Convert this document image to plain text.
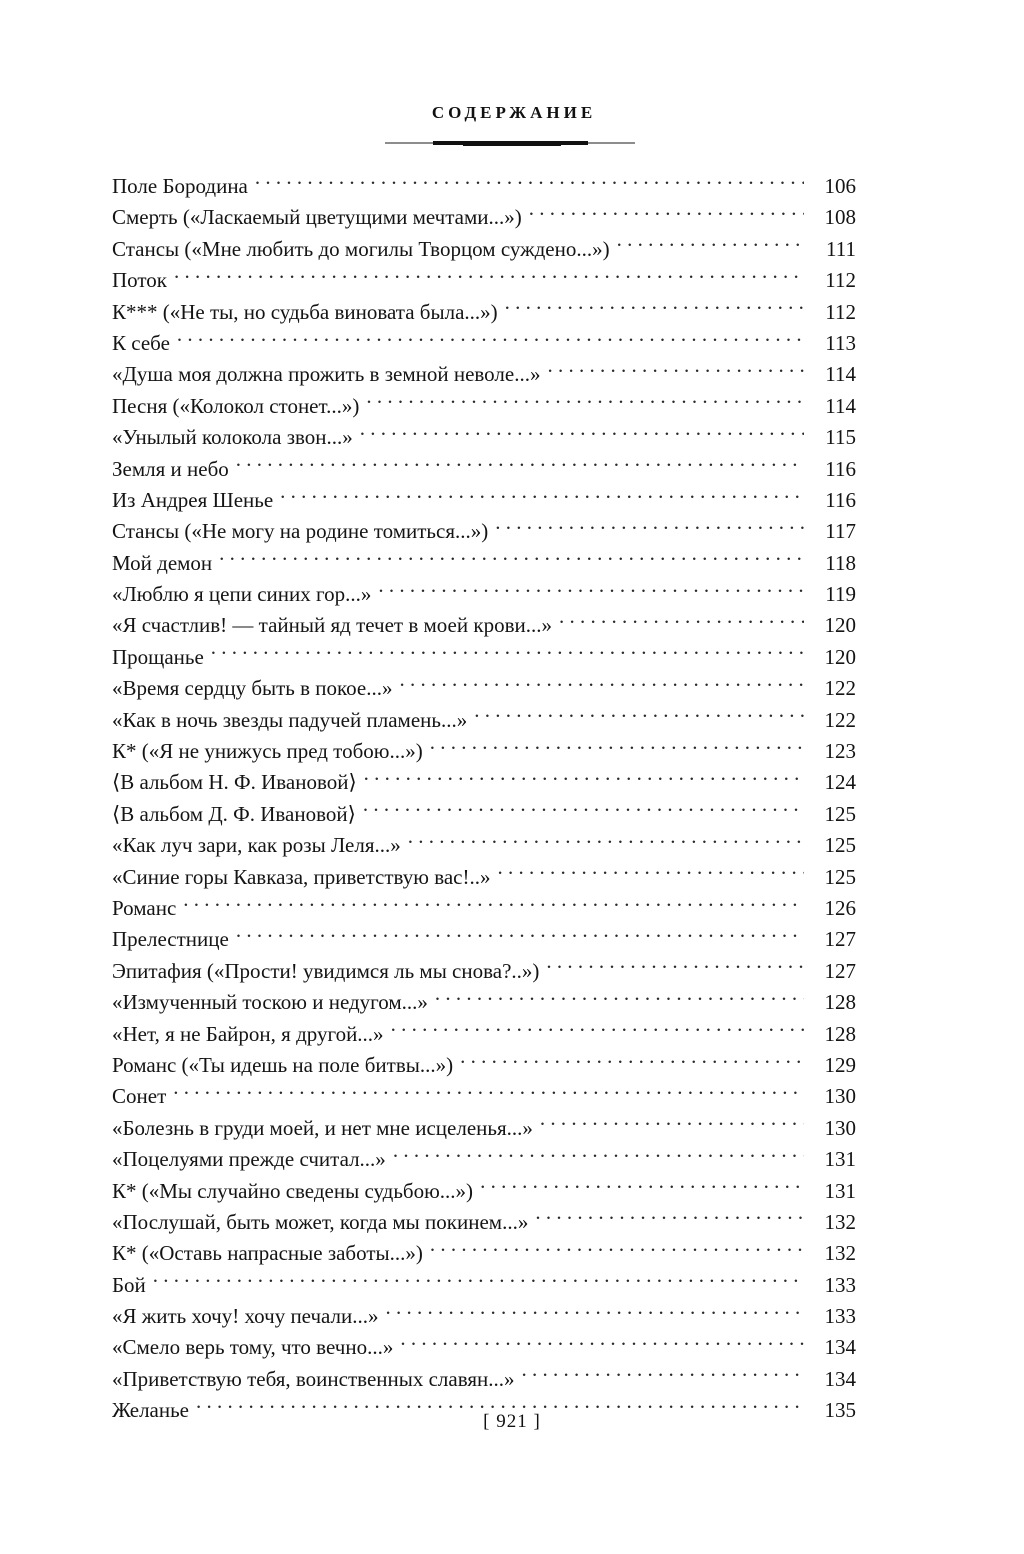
СОДЕРЖАНИЕ
Поле Бородина . . .	106
Смерть («Ласкаемый цветущими мечтами...») . . .	108
Стансы («Мне любить до могилы Творцом суждено...») . . .	111
Поток . . .	112
К*** («Не ты, но судьба виновата была...») . . .	112
К себе . . .	113
«Душа моя должна прожить в земной неволе...» . . .	114
Песня («Колокол стонет...») . . .	114
«Унылый колокола звон...» . . .	115
Земля и небо . . .	116
Из Андрея Шенье . . .	116
Стансы («Не могу на родине томиться...») . . .	117
Мой демон . . .	118
«Люблю я цепи синих гор...» . . .	119
«Я счастлив! — тайный яд течет в моей крови...» . . .	120
Прощанье . . .	120
«Время сердцу быть в покое...» . . .	122
«Как в ночь звезды падучей пламень...» . . .	122
К* («Я не унижусь пред тобою...») . . .	123
⟨В альбом Н. Ф. Ивановой⟩ . . .	124
⟨В альбом Д. Ф. Ивановой⟩ . . .	125
«Как луч зари, как розы Леля...» . . .	125
«Синие горы Кавказа, приветствую вас!..» . . .	125
Романс . . .	126
Прелестнице . . .	127
Эпитафия («Прости! увидимся ль мы снова?..») . . .	127
«Измученный тоскою и недугом...» . . .	128
«Нет, я не Байрон, я другой...» . . .	128
Романс («Ты идешь на поле битвы...») . . .	129
Сонет . . .	130
«Болезнь в груди моей, и нет мне исцеленья...» . . .	130
«Поцелуями прежде считал...» . . .	131
К* («Мы случайно сведены судьбою...») . . .	131
«Послушай, быть может, когда мы покинем...» . . .	132
К* («Оставь напрасные заботы...») . . .	132
Бой . . .	133
«Я жить хочу! хочу печали...» . . .	133
«Смело верь тому, что вечно...» . . .	134
«Приветствую тебя, воинственных славян...» . . .	134
Желанье . . .	135
[ 921 ]
